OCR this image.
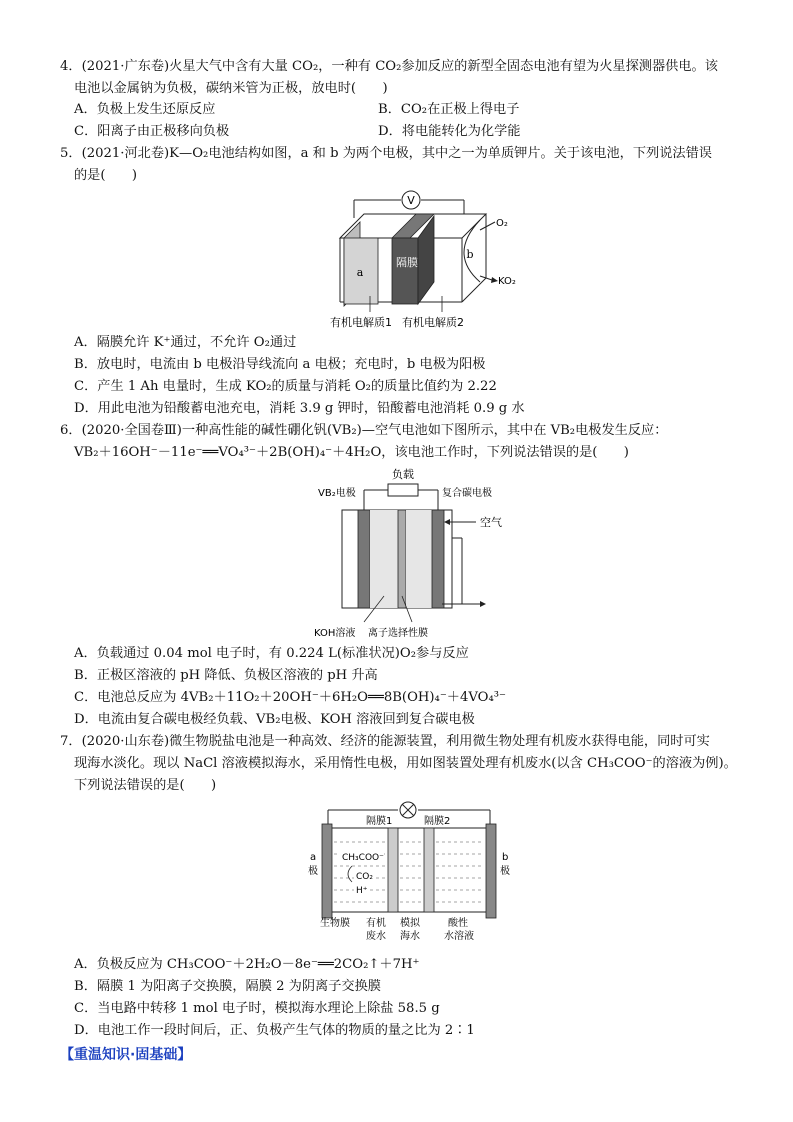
4．(2021·广东卷)火星大气中含有大量 CO₂，一种有 CO₂参加反应的新型全固态电池有望为火星探测器供电。该
电池以金属钠为负极，碳纳米管为正极，放电时(　　)
A．负极上发生还原反应	B．CO₂在正极上得电子
C．阳离子由正极移向负极	D．将电能转化为化学能
5．(2021·河北卷)K—O₂电池结构如图，a 和 b 为两个电极，其中之一为单质钾片。关于该电池，下列说法错误
的是(　　)
V
a
隔膜
b
O₂
KO₂
有机电解质1 有机电解质2
A．隔膜允许 K⁺通过，不允许 O₂通过
B．放电时，电流由 b 电极沿导线流向 a 电极；充电时，b 电极为阳极
C．产生 1 Ah 电量时，生成 KO₂的质量与消耗 O₂的质量比值约为 2.22
D．用此电池为铅酸蓄电池充电，消耗 3.9 g 钾时，铅酸蓄电池消耗 0.9 g 水
6．(2020·全国卷Ⅲ)一种高性能的碱性硼化钒(VB₂)—空气电池如下图所示，其中在 VB₂电极发生反应：
VB₂＋16OH⁻－11e⁻══VO₄³⁻＋2B(OH)₄⁻＋4H₂O，该电池工作时，下列说法错误的是(　　)
负载
VB₂电极	复合碳电极
空气
KOH溶液 离子选择性膜
A．负载通过 0.04 mol 电子时，有 0.224 L(标准状况)O₂参与反应
B．正极区溶液的 pH 降低、负极区溶液的 pH 升高
C．电池总反应为 4VB₂＋11O₂＋20OH⁻＋6H₂O══8B(OH)₄⁻＋4VO₄³⁻
D．电流由复合碳电极经负载、VB₂电极、KOH 溶液回到复合碳电极
7．(2020·山东卷)微生物脱盐电池是一种高效、经济的能源装置，利用微生物处理有机废水获得电能，同时可实
现海水淡化。现以 NaCl 溶液模拟海水，采用惰性电极，用如图装置处理有机废水(以含 CH₃COO⁻的溶液为例)。
下列说法错误的是(　　)
隔膜1	隔膜2
CH₃COO⁻
CO₂
H⁺
a
极
b
极
生物膜 有机
废水
模拟
海水
酸性
水溶液
A．负极反应为 CH₃COO⁻＋2H₂O－8e⁻══2CO₂↑＋7H⁺
B．隔膜 1 为阳离子交换膜，隔膜 2 为阴离子交换膜
C．当电路中转移 1 mol 电子时，模拟海水理论上除盐 58.5 g
D．电池工作一段时间后，正、负极产生气体的物质的量之比为 2∶1
【重温知识·固基础】
